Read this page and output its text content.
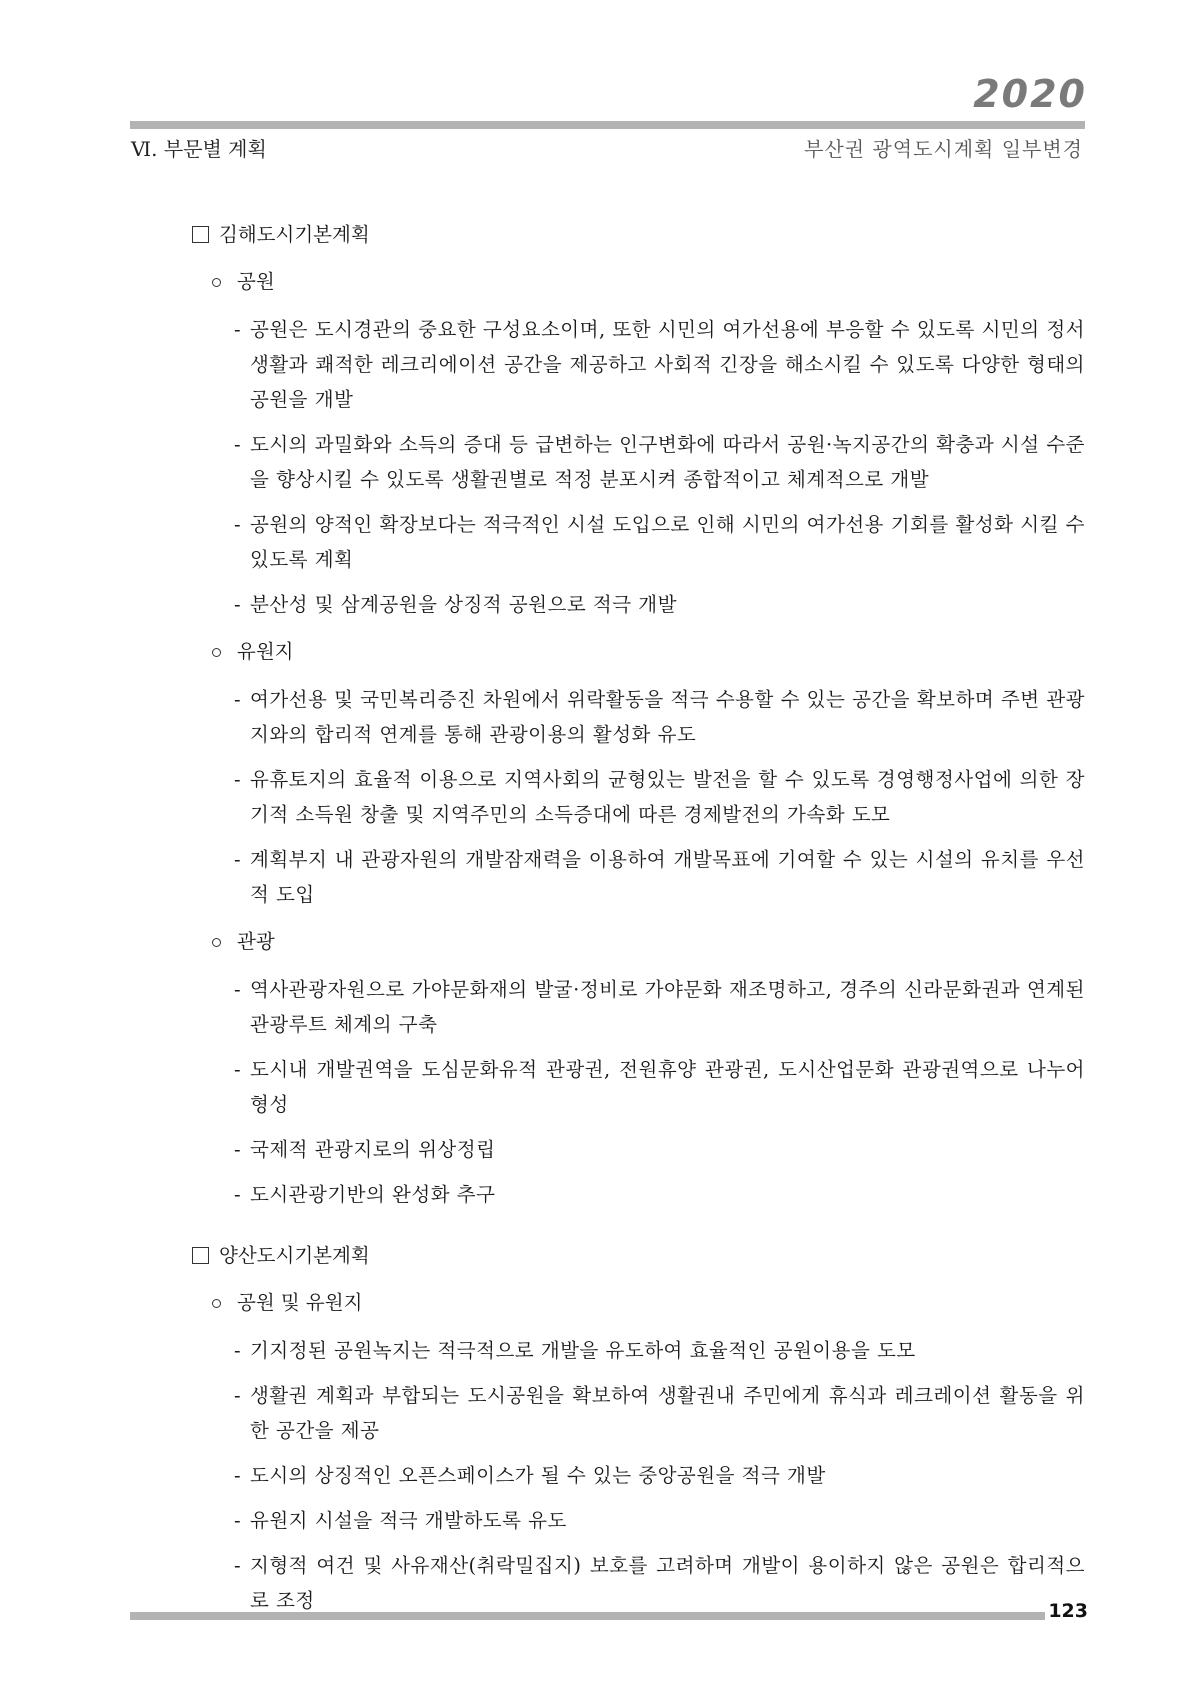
2020
Ⅵ. 부문별 계획	부산권 광역도시계획 일부변경
김해도시기본계획
공원
- 공원은 도시경관의 중요한 구성요소이며, 또한 시민의 여가선용에 부응할 수 있도록 시민의 정서생활과 쾌적한 레크리에이션 공간을 제공하고 사회적 긴장을 해소시킬 수 있도록 다양한 형태의 공원을 개발
- 도시의 과밀화와 소득의 증대 등 급변하는 인구변화에 따라서 공원·녹지공간의 확충과 시설 수준을 향상시킬 수 있도록 생활권별로 적정 분포시켜 종합적이고 체계적으로 개발
- 공원의 양적인 확장보다는 적극적인 시설 도입으로 인해 시민의 여가선용 기회를 활성화 시킬 수 있도록 계획
- 분산성 및 삼계공원을 상징적 공원으로 적극 개발
유원지
- 여가선용 및 국민복리증진 차원에서 위락활동을 적극 수용할 수 있는 공간을 확보하며 주변 관광지와의 합리적 연계를 통해 관광이용의 활성화 유도
- 유휴토지의 효율적 이용으로 지역사회의 균형있는 발전을 할 수 있도록 경영행정사업에 의한 장기적 소득원 창출 및 지역주민의 소득증대에 따른 경제발전의 가속화 도모
- 계획부지 내 관광자원의 개발잠재력을 이용하여 개발목표에 기여할 수 있는 시설의 유치를 우선적 도입
관광
- 역사관광자원으로 가야문화재의 발굴·정비로 가야문화 재조명하고, 경주의 신라문화권과 연계된 관광루트 체계의 구축
- 도시내 개발권역을 도심문화유적 관광권, 전원휴양 관광권, 도시산업문화 관광권역으로 나누어 형성
- 국제적 관광지로의 위상정립
- 도시관광기반의 완성화 추구
양산도시기본계획
공원 및 유원지
- 기지정된 공원녹지는 적극적으로 개발을 유도하여 효율적인 공원이용을 도모
- 생활권 계획과 부합되는 도시공원을 확보하여 생활권내 주민에게 휴식과 레크레이션 활동을 위한 공간을 제공
- 도시의 상징적인 오픈스페이스가 될 수 있는 중앙공원을 적극 개발
- 유원지 시설을 적극 개발하도록 유도
- 지형적 여건 및 사유재산(취락밀집지) 보호를 고려하며 개발이 용이하지 않은 공원은 합리적으로 조정	123
